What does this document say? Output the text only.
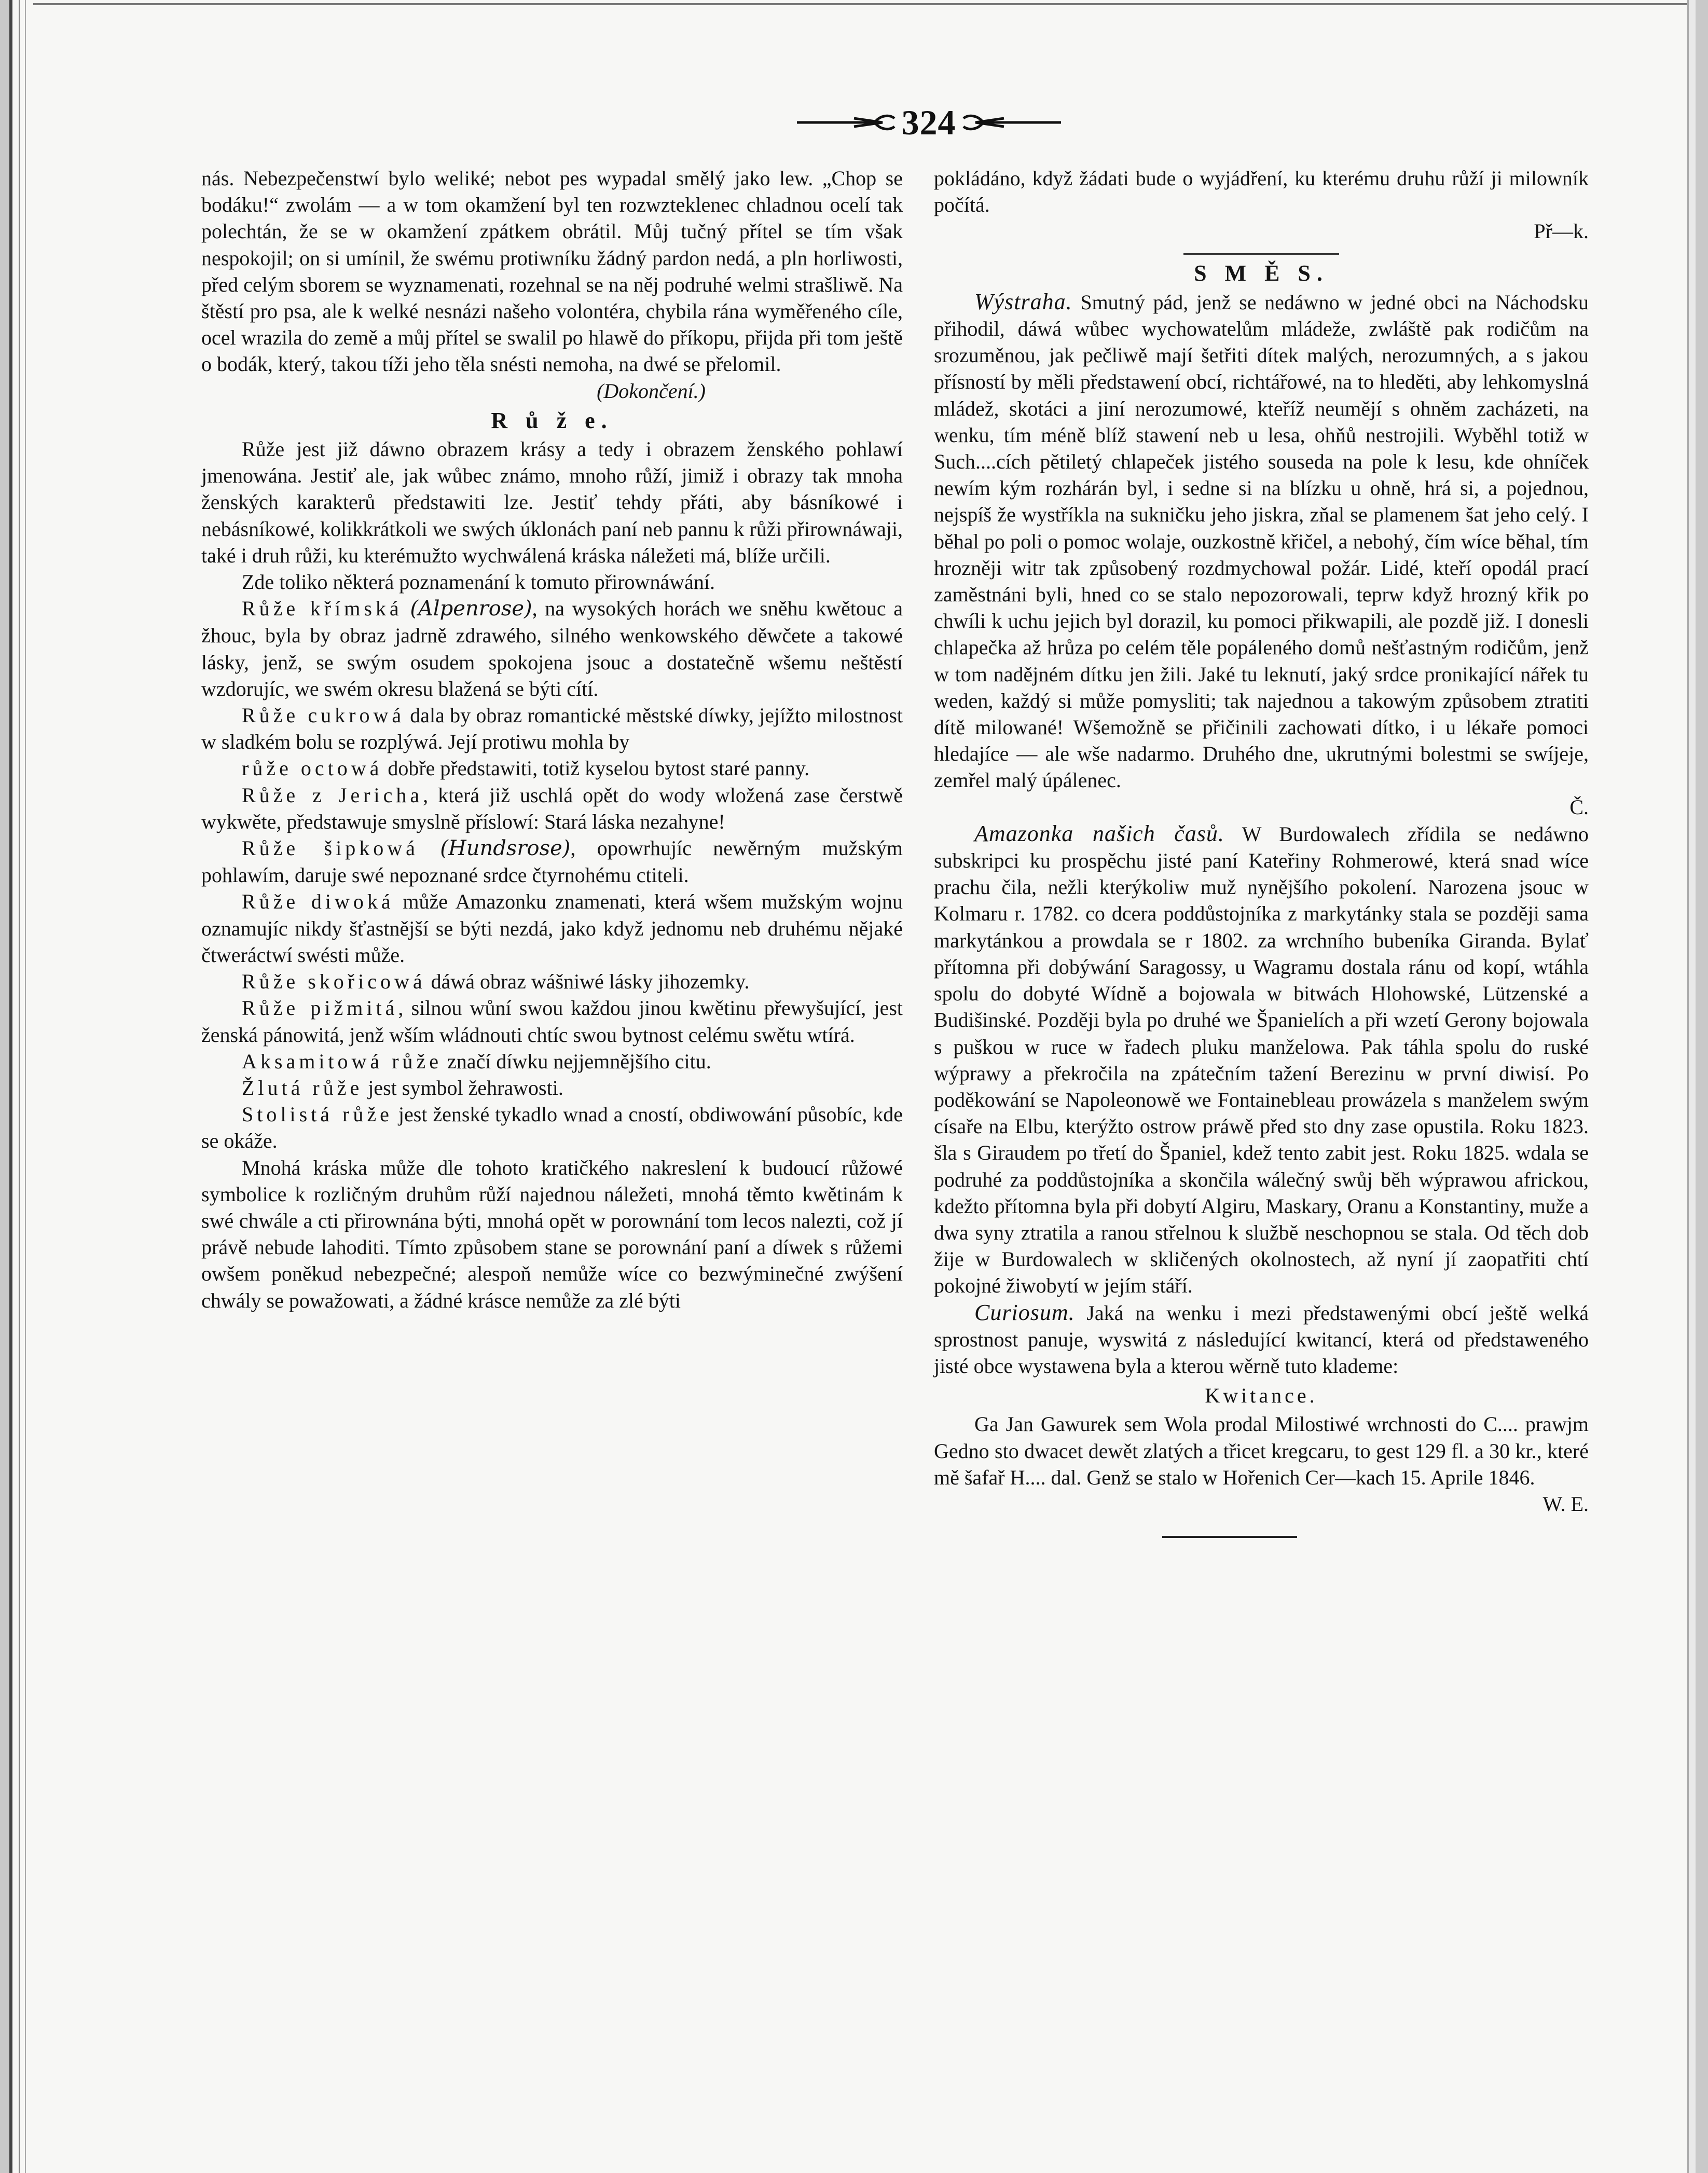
324

nás. Nebezpečenstwí bylo weliké; nebot pes wypadal smělý jako lew. „Chop se bodáku!“ zwolám — a w tom okamžení byl ten rozwzteklenec chladnou ocelí tak polechtán, že se w okamžení zpátkem obrátil. Můj tučný přítel se tím však nespokojil; on si umínil, že swému protiwníku žádný pardon nedá, a pln horliwosti, před celým sborem se wyznamenati, rozehnal se na něj podruhé welmi strašliwě. Na štěstí pro psa, ale k welké nesnázi našeho volontéra, chybila rána wyměřeného cíle, ocel wrazila do země a můj přítel se swalil po hlawě do příkopu, přijda při tom ještě o bodák, který, takou tíži jeho těla snésti nemoha, na dwé se přelomil.

(Dokončení.)

R ů ž e.

Růže jest již dáwno obrazem krásy a tedy i obrazem ženského pohlawí jmenowána. Jestiť ale, jak wůbec známo, mnoho růží, jimiž i obrazy tak mnoha ženských karakterů předstawiti lze. Jestiť tehdy přáti, aby básníkowé i nebásníkowé, kolikkrátkoli we swých úklonách paní neb pannu k růži přirownáwaji, také i druh růži, ku kterémužto wychwálená kráska náležeti má, blíže určili.

Zde toliko některá poznamenání k tomuto přirownáwání.

Růže křímská (Alpenrose), na wysokých horách we sněhu kwětouc a žhouc, byla by obraz jadrně zdrawého, silného wenkowského děwčete a takowé lásky, jenž, se swým osudem spokojena jsouc a dostatečně wšemu neštěstí wzdorujíc, we swém okresu blažená se býti cítí.

Růže cukrowá dala by obraz romantické městské díwky, jejížto milostnost w sladkém bolu se rozplýwá. Její protiwu mohla by

růže octowá dobře předstawiti, totiž kyselou bytost staré panny.

Růže z Jericha, která již uschlá opět do wody wložená zase čerstwě wykwěte, předstawuje smyslně příslowí: Stará láska nezahyne!

Růže šipkowá (Hundsrose), opowrhujíc newěrným mužským pohlawím, daruje swé nepoznané srdce čtyrnohému ctiteli.

Růže diwoká může Amazonku znamenati, která wšem mužským wojnu oznamujíc nikdy šťastnější se býti nezdá, jako když jednomu neb druhému nějaké čtweráctwí swésti může.

Růže skořicowá dáwá obraz wášniwé lásky jihozemky.

Růže pižmitá, silnou wůní swou každou jinou kwětinu přewyšující, jest ženská pánowitá, jenž wším wládnouti chtíc swou bytnost celému swětu wtírá.

Aksamitowá růže značí díwku nejjemnějšího citu.

Žlutá růže jest symbol žehrawosti.

Stolistá růže jest ženské tykadlo wnad a cností, obdiwowání působíc, kde se okáže.

Mnohá kráska může dle tohoto kratičkého nakreslení k budoucí růžowé symbolice k rozličným druhům růží najednou náležeti, mnohá těmto kwětinám k swé chwále a cti přirownána býti, mnohá opět w porownání tom lecos nalezti, což jí právě nebude lahoditi. Tímto způsobem stane se porownání paní a díwek s růžemi owšem poněkud nebezpečné; alespoň nemůže wíce co bezwýminečné zwýšení chwály se powažowati, a žádné krásce nemůže za zlé býti

pokládáno, když žádati bude o wyjádření, ku kterému druhu růží ji milowník počítá.

Př—k.

S M Ě S.

Wýstraha. Smutný pád, jenž se nedáwno w jedné obci na Náchodsku přihodil, dáwá wůbec wychowatelům mládeže, zwláště pak rodičům na srozuměnou, jak pečliwě mají šetřiti dítek malých, nerozumných, a s jakou přísností by měli předstawení obcí, richtářowé, na to hleděti, aby lehkomyslná mládež, skotáci a jiní nerozumowé, kteříž neumějí s ohněm zacházeti, na wenku, tím méně blíž stawení neb u lesa, ohňů nestrojili. Wyběhl totiž w Such....cích pětiletý chlapeček jistého souseda na pole k lesu, kde ohníček newím kým rozhárán byl, i sedne si na blízku u ohně, hrá si, a pojednou, nejspíš že wystříkla na sukničku jeho jiskra, zňal se plamenem šat jeho celý. I běhal po poli o pomoc wolaje, ouzkostně křičel, a nebohý, čím wíce běhal, tím hrozněji witr tak způsobený rozdmychowal požár. Lidé, kteří opodál prací zaměstnáni byli, hned co se stalo nepozorowali, teprw když hrozný křik po chwíli k uchu jejich byl dorazil, ku pomoci přikwapili, ale pozdě již. I donesli chlapečka až hrůza po celém těle popáleného domů nešťastným rodičům, jenž w tom nadějném dítku jen žili. Jaké tu leknutí, jaký srdce pronikající nářek tu weden, každý si může pomysliti; tak najednou a takowým způsobem ztratiti dítě milowané! Wšemožně se přičinili zachowati dítko, i u lékaře pomoci hledajíce — ale wše nadarmo. Druhého dne, ukrutnými bolestmi se swíjeje, zemřel malý úpálenec.

Č.

Amazonka našich časů. W Burdowalech zřídila se nedáwno subskripci ku prospěchu jisté paní Kateřiny Rohmerowé, která snad wíce prachu čila, nežli kterýkoliw muž nynějšího pokolení. Narozena jsouc w Kolmaru r. 1782. co dcera poddůstojníka z markytánky stala se později sama markytánkou a prowdala se r 1802. za wrchního bubeníka Giranda. Bylať přítomna při dobýwání Saragossy, u Wagramu dostala ránu od kopí, wtáhla spolu do dobyté Wídně a bojowala w bitwách Hlohowské, Lützenské a Budišinské. Později byla po druhé we Španielích a při wzetí Gerony bojowala s puškou w ruce w řadech pluku manželowa. Pak táhla spolu do ruské wýprawy a překročila na zpátečním tažení Berezinu w první diwisí. Po poděkowání se Napoleonowě we Fontainebleau prowázela s manželem swým císaře na Elbu, kterýžto ostrow práwě před sto dny zase opustila. Roku 1823. šla s Giraudem po třetí do Španiel, kdež tento zabit jest. Roku 1825. wdala se podruhé za poddůstojníka a skončila wálečný swůj běh wýprawou africkou, kdežto přítomna byla při dobytí Algiru, Maskary, Oranu a Konstantiny, muže a dwa syny ztratila a ranou střelnou k službě neschopnou se stala. Od těch dob žije w Burdowalech w skličených okolnostech, až nyní jí zaopatřiti chtí pokojné žiwobytí w jejím stáří.

Curiosum. Jaká na wenku i mezi předstawenými obcí ještě welká sprostnost panuje, wyswitá z následující kwitancí, která od předstaweného jisté obce wystawena byla a kterou wěrně tuto klademe:

Kwitance.

Ga Jan Gawurek sem Wola prodal Milostiwé wrchnosti do C.... prawjm Gedno sto dwacet dewět zlatých a třicet kregcaru, to gest 129 fl. a 30 kr., které mě šafař H.... dal. Genž se stalo w Hořenich Cer—kach 15. Aprile 1846.

W. E.
